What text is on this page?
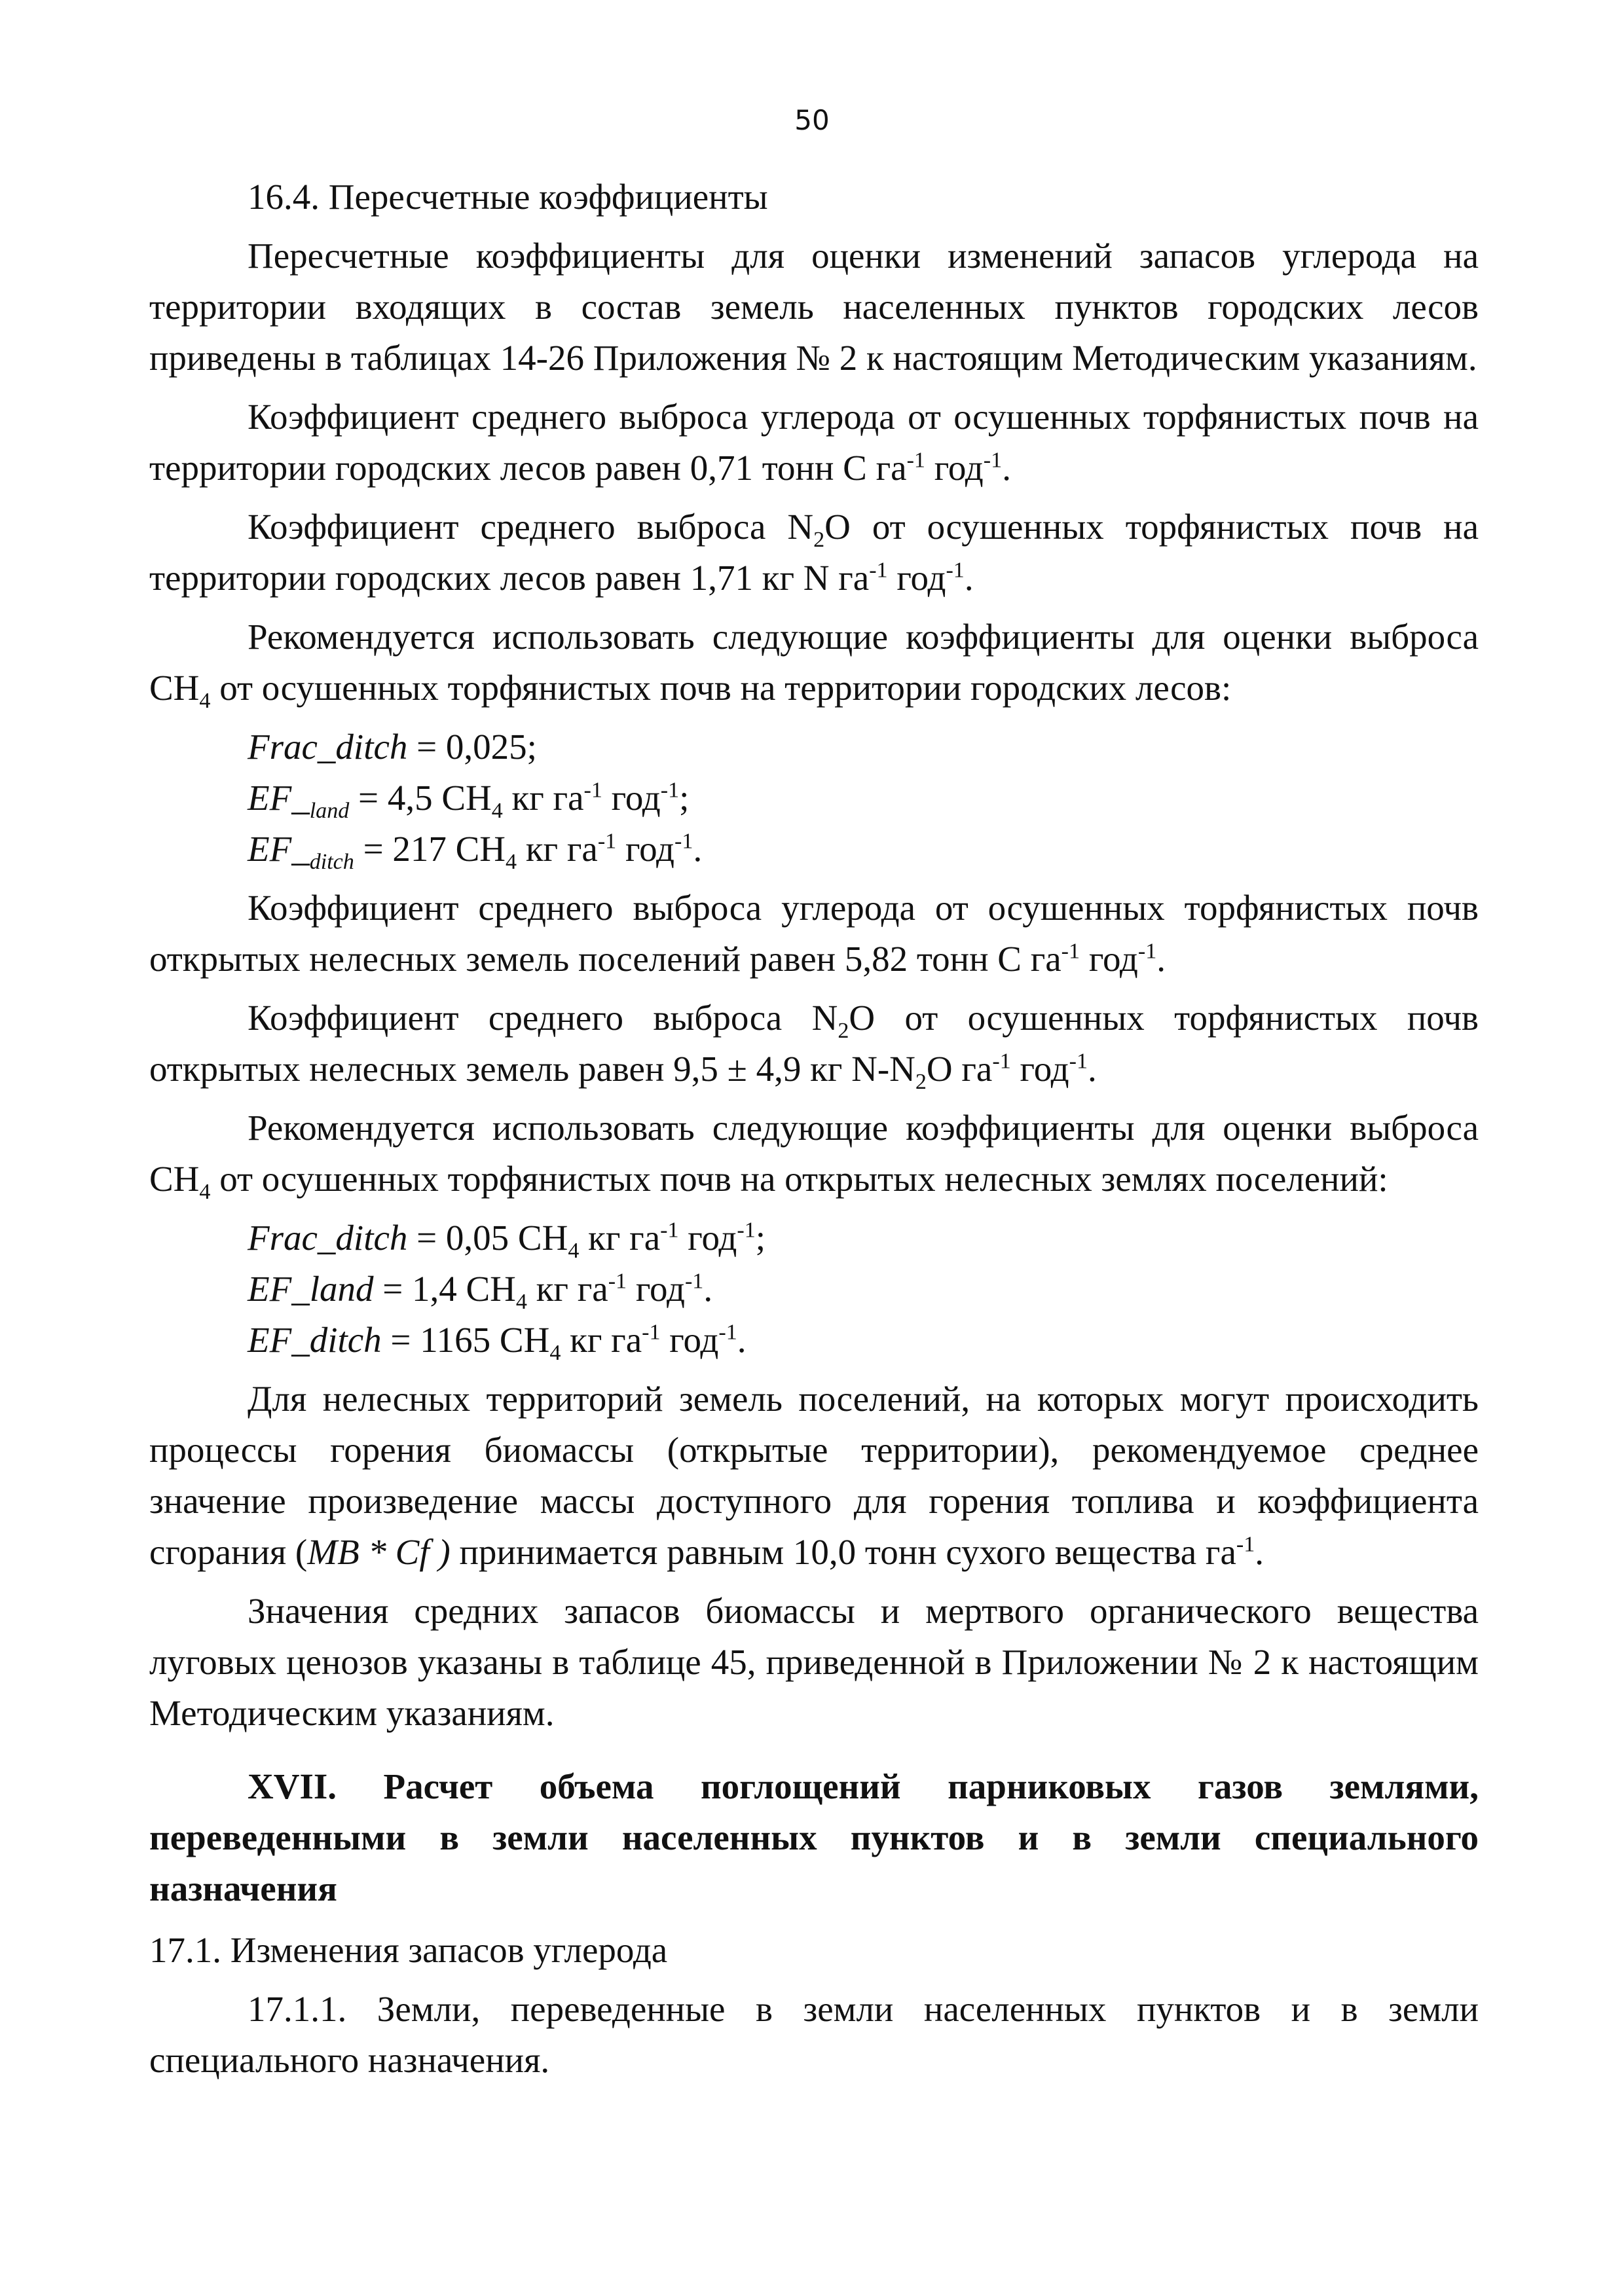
50
16.4. Пересчетные коэффициенты

Пересчетные коэффициенты для оценки изменений запасов углерода на территории входящих в состав земель населенных пунктов городских лесов приведены в таблицах 14-26 Приложения № 2 к настоящим Методическим указаниям.

Коэффициент среднего выброса углерода от осушенных торфянистых почв на территории городских лесов равен 0,71 тонн С $га^{-1}$ год$^{-1}$.

Коэффициент среднего выброса $N_2O$ от осушенных торфянистых почв на территории городских лесов равен 1,71 кг N $га^{-1}$ год$^{-1}$.

Рекомендуется использовать следующие коэффициенты для оценки выброса $СН_4$ от осушенных торфянистых почв на территории городских лесов:

Frac_ditch = 0,025;
$EF\__{land} = 4,5$ $СН_4$ кг $га^{-1}$ год$^{-1}$;
$EF\__{ditch} = 217$ $СН_4$ кг $га^{-1}$ год$^{-1}$.

Коэффициент среднего выброса углерода от осушенных торфянистых почв открытых нелесных земель поселений равен 5,82 тонн С $га^{-1}$ год$^{-1}$.

Коэффициент среднего выброса $N_2O$ от осушенных торфянистых почв открытых нелесных земель равен 9,5 ± 4,9 кг $N-N_2O$ $га^{-1}$ год$^{-1}$.

Рекомендуется использовать следующие коэффициенты для оценки выброса $СН_4$ от осушенных торфянистых почв на открытых нелесных землях поселений:

Frac_ditch = 0,05 $СН_4$ кг $га^{-1}$ год$^{-1}$;
EF_land = 1,4 $СН_4$ кг $га^{-1}$ год$^{-1}$.
EF_ditch = 1165 $СН_4$ кг $га^{-1}$ год$^{-1}$.

Для нелесных территорий земель поселений, на которых могут происходить процессы горения биомассы (открытые территории), рекомендуемое среднее значение произведение массы доступного для горения топлива и коэффициента сгорания (MB * Cf ) принимается равным 10,0 тонн сухого вещества $га^{-1}$.

Значения средних запасов биомассы и мертвого органического вещества луговых ценозов указаны в таблице 45, приведенной в Приложении № 2 к настоящим Методическим указаниям.

XVII. Расчет объема поглощений парниковых газов землями, переведенными в земли населенных пунктов и в земли специального назначения
17.1. Изменения запасов углерода

17.1.1. Земли, переведенные в земли населенных пунктов и в земли специального назначения.
